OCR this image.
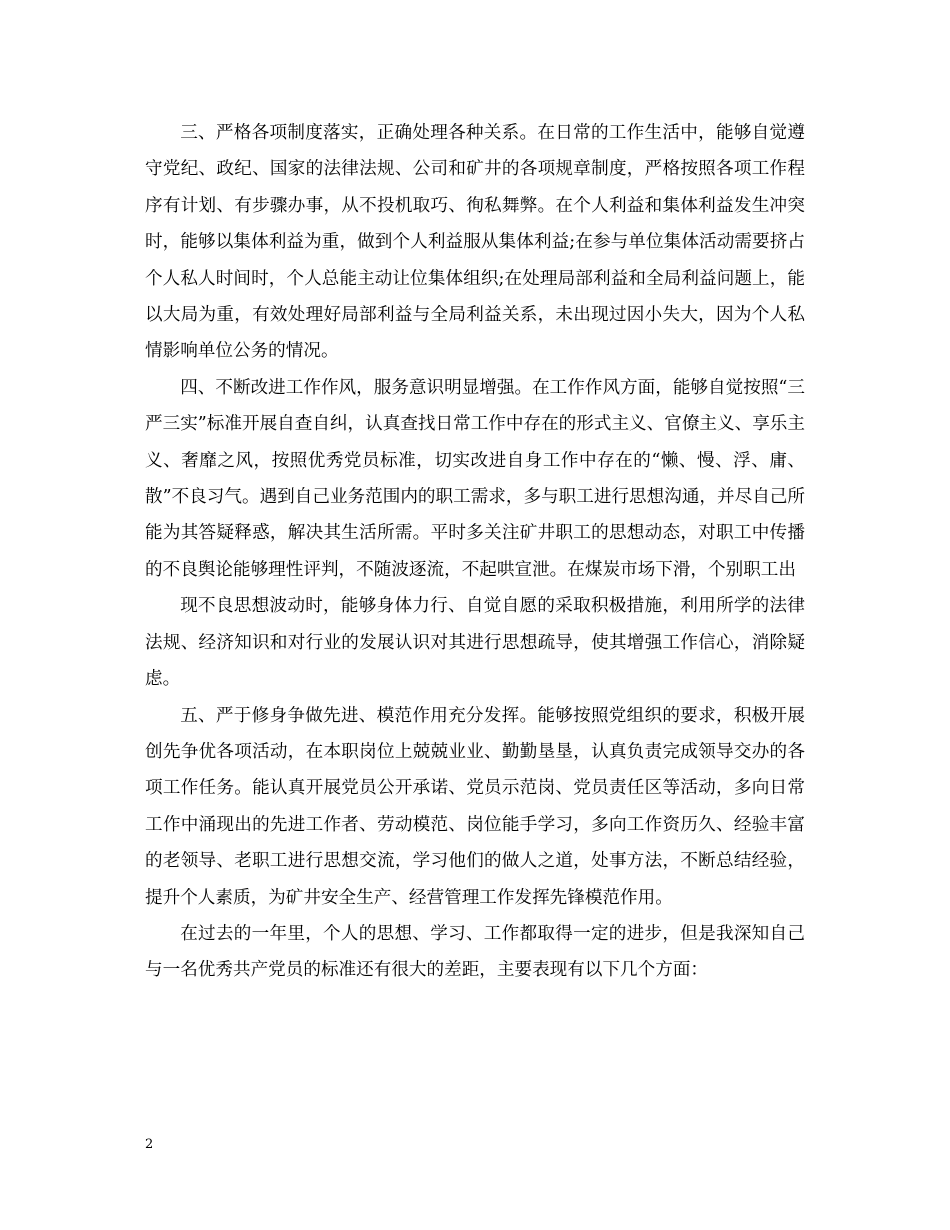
三、严格各项制度落实，正确处理各种关系。在日常的工作生活中，能够自觉遵守党纪、政纪、国家的法律法规、公司和矿井的各项规章制度，严格按照各项工作程序有计划、有步骤办事，从不投机取巧、徇私舞弊。在个人利益和集体利益发生冲突时，能够以集体利益为重，做到个人利益服从集体利益;在参与单位集体活动需要挤占个人私人时间时，个人总能主动让位集体组织;在处理局部利益和全局利益问题上，能以大局为重，有效处理好局部利益与全局利益关系，未出现过因小失大，因为个人私情影响单位公务的情况。

四、不断改进工作作风，服务意识明显增强。在工作作风方面，能够自觉按照“三严三实”标准开展自查自纠，认真查找日常工作中存在的形式主义、官僚主义、享乐主义、奢靡之风，按照优秀党员标准，切实改进自身工作中存在的“懒、慢、浮、庸、散”不良习气。遇到自己业务范围内的职工需求，多与职工进行思想沟通，并尽自己所能为其答疑释惑，解决其生活所需。平时多关注矿井职工的思想动态，对职工中传播的不良舆论能够理性评判，不随波逐流，不起哄宣泄。在煤炭市场下滑，个别职工出

现不良思想波动时，能够身体力行、自觉自愿的采取积极措施，利用所学的法律法规、经济知识和对行业的发展认识对其进行思想疏导，使其增强工作信心，消除疑虑。

五、严于修身争做先进、模范作用充分发挥。能够按照党组织的要求，积极开展创先争优各项活动，在本职岗位上兢兢业业、勤勤垦垦，认真负责完成领导交办的各项工作任务。能认真开展党员公开承诺、党员示范岗、党员责任区等活动，多向日常工作中涌现出的先进工作者、劳动模范、岗位能手学习，多向工作资历久、经验丰富的老领导、老职工进行思想交流，学习他们的做人之道，处事方法，不断总结经验，提升个人素质，为矿井安全生产、经营管理工作发挥先锋模范作用。

在过去的一年里，个人的思想、学习、工作都取得一定的进步，但是我深知自己与一名优秀共产党员的标准还有很大的差距，主要表现有以下几个方面：

2
